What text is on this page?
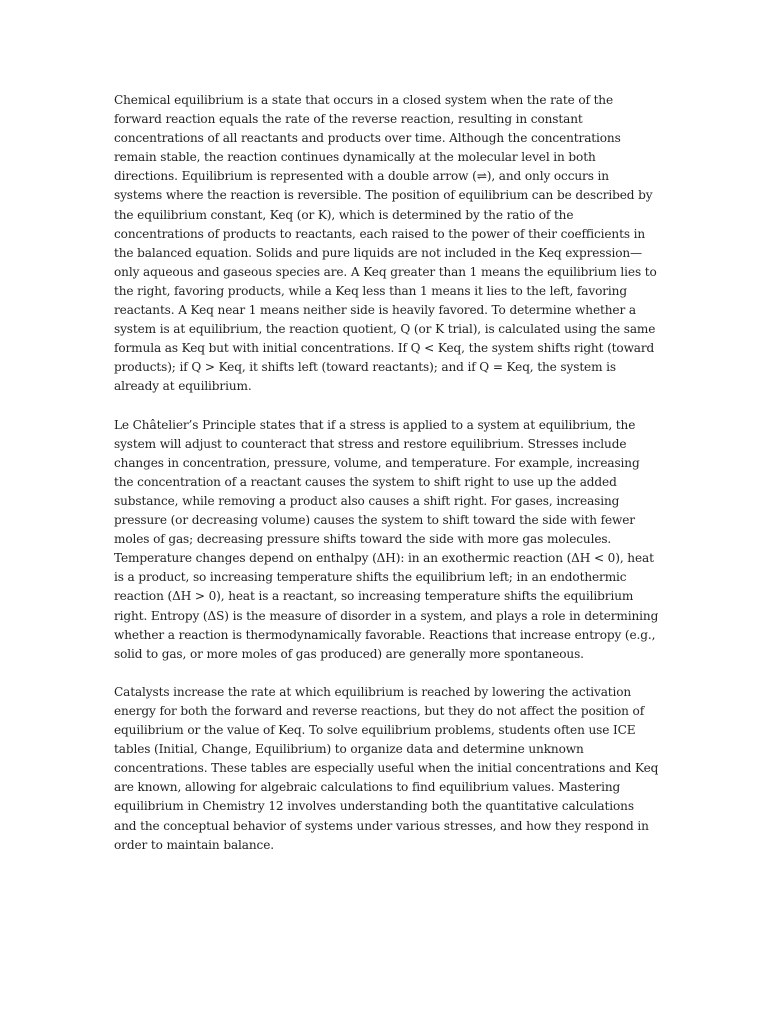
Chemical equilibrium is a state that occurs in a closed system when the rate of the forward reaction equals the rate of the reverse reaction, resulting in constant concentrations of all reactants and products over time. Although the concentrations remain stable, the reaction continues dynamically at the molecular level in both directions. Equilibrium is represented with a double arrow (⇌), and only occurs in systems where the reaction is reversible. The position of equilibrium can be described by the equilibrium constant, Keq (or K), which is determined by the ratio of the concentrations of products to reactants, each raised to the power of their coefficients in the balanced equation. Solids and pure liquids are not included in the Keq expression—only aqueous and gaseous species are. A Keq greater than 1 means the equilibrium lies to the right, favoring products, while a Keq less than 1 means it lies to the left, favoring reactants. A Keq near 1 means neither side is heavily favored. To determine whether a system is at equilibrium, the reaction quotient, Q (or K trial), is calculated using the same formula as Keq but with initial concentrations. If Q < Keq, the system shifts right (toward products); if Q > Keq, it shifts left (toward reactants); and if Q = Keq, the system is already at equilibrium.

Le Châtelier’s Principle states that if a stress is applied to a system at equilibrium, the system will adjust to counteract that stress and restore equilibrium. Stresses include changes in concentration, pressure, volume, and temperature. For example, increasing the concentration of a reactant causes the system to shift right to use up the added substance, while removing a product also causes a shift right. For gases, increasing pressure (or decreasing volume) causes the system to shift toward the side with fewer moles of gas; decreasing pressure shifts toward the side with more gas molecules. Temperature changes depend on enthalpy (ΔH): in an exothermic reaction (ΔH < 0), heat is a product, so increasing temperature shifts the equilibrium left; in an endothermic reaction (ΔH > 0), heat is a reactant, so increasing temperature shifts the equilibrium right. Entropy (ΔS) is the measure of disorder in a system, and plays a role in determining whether a reaction is thermodynamically favorable. Reactions that increase entropy (e.g., solid to gas, or more moles of gas produced) are generally more spontaneous.

Catalysts increase the rate at which equilibrium is reached by lowering the activation energy for both the forward and reverse reactions, but they do not affect the position of equilibrium or the value of Keq. To solve equilibrium problems, students often use ICE tables (Initial, Change, Equilibrium) to organize data and determine unknown concentrations. These tables are especially useful when the initial concentrations and Keq are known, allowing for algebraic calculations to find equilibrium values. Mastering equilibrium in Chemistry 12 involves understanding both the quantitative calculations and the conceptual behavior of systems under various stresses, and how they respond in order to maintain balance.
